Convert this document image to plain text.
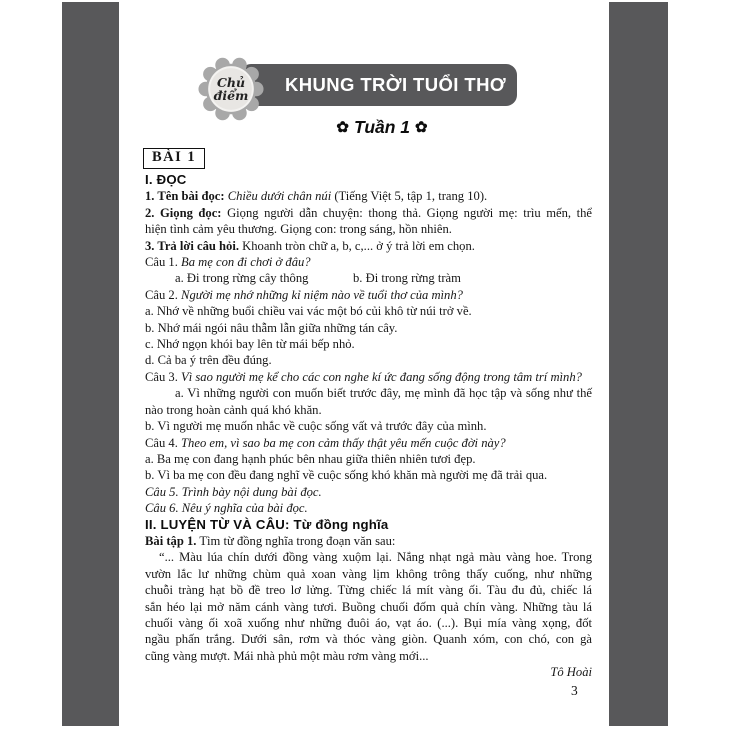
KHUNG TRỜI TUỔI THƠ
Chủ
điểm
✿ Tuần 1 ✿
BÀI 1

I. ĐỌC

1. Tên bài đọc: Chiều dưới chân núi (Tiếng Việt 5, tập 1, trang 10).

2. Giọng đọc: Giọng người dẫn chuyện: thong thả. Giọng người mẹ: trìu mến, thể

hiện tình cảm yêu thương. Giọng con: trong sáng, hồn nhiên.

3. Trả lời câu hỏi. Khoanh tròn chữ a, b, c,... ở ý trả lời em chọn.

Câu 1. Ba mẹ con đi chơi ở đâu?

a. Đi trong rừng cây thông	b. Đi trong rừng tràm

Câu 2. Người mẹ nhớ những kỉ niệm nào về tuổi thơ của mình?

a. Nhớ về những buổi chiều vai vác một bó củi khô từ núi trở về.

b. Nhớ mái ngói nâu thẫm lẫn giữa những tán cây.

c. Nhớ ngọn khói bay lên từ mái bếp nhỏ.

d. Cả ba ý trên đều đúng.

Câu 3. Vì sao người mẹ kể cho các con nghe kí ức đang sống động trong tâm trí mình?

a. Vì những người con muốn biết trước đây, mẹ mình đã học tập và sống như thế

nào trong hoàn cảnh quá khó khăn.

b. Vì người mẹ muốn nhắc về cuộc sống vất vả trước đây của mình.

Câu 4. Theo em, vì sao ba mẹ con cảm thấy thật yêu mến cuộc đời này?

a. Ba mẹ con đang hạnh phúc bên nhau giữa thiên nhiên tươi đẹp.

b. Vì ba mẹ con đều đang nghĩ về cuộc sống khó khăn mà người mẹ đã trải qua.

Câu 5. Trình bày nội dung bài đọc.

Câu 6. Nêu ý nghĩa của bài đọc.

II. LUYỆN TỪ VÀ CÂU: Từ đồng nghĩa

Bài tập 1. Tìm từ đồng nghĩa trong đoạn văn sau:

“... Màu lúa chín dưới đồng vàng xuộm lại. Nắng nhạt ngả màu vàng hoe. Trong
vườn lắc lư những chùm quả xoan vàng lịm không trông thấy cuống, như những
chuỗi tràng hạt bồ đề treo lơ lửng. Từng chiếc lá mít vàng ối. Tàu đu đủ, chiếc lá
sắn héo lại mở năm cánh vàng tươi. Buồng chuối đốm quả chín vàng. Những tàu lá
chuối vàng ối xoã xuống như những đuôi áo, vạt áo. (...). Bụi mía vàng xọng, đốt
ngầu phấn trắng. Dưới sân, rơm và thóc vàng giòn. Quanh xóm, con chó, con gà
cũng vàng mượt. Mái nhà phủ một màu rơm vàng mới...

Tô Hoài

3
